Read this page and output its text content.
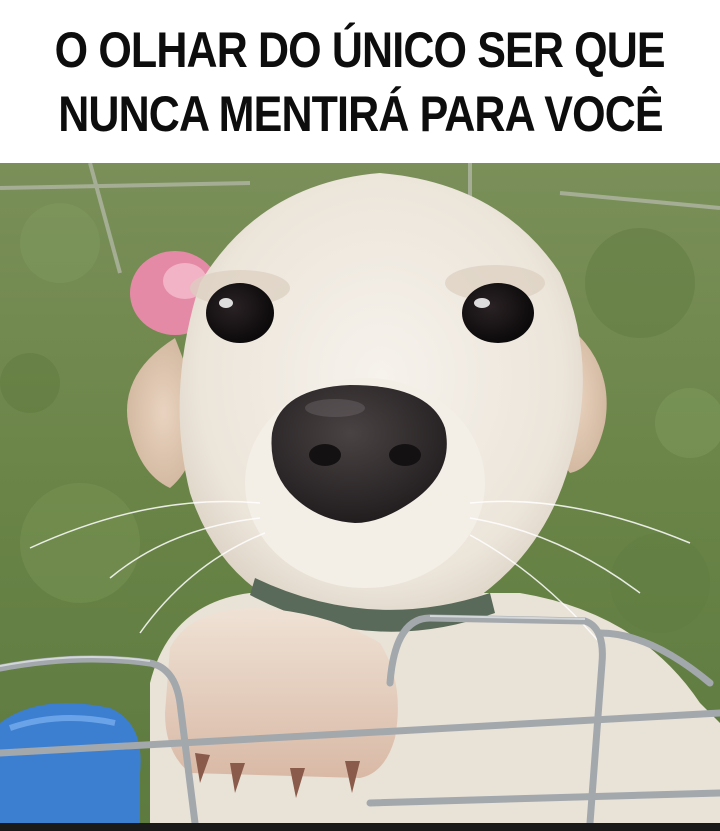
O OLHAR DO ÚNICO SER QUE
NUNCA MENTIRÁ PARA VOCÊ
